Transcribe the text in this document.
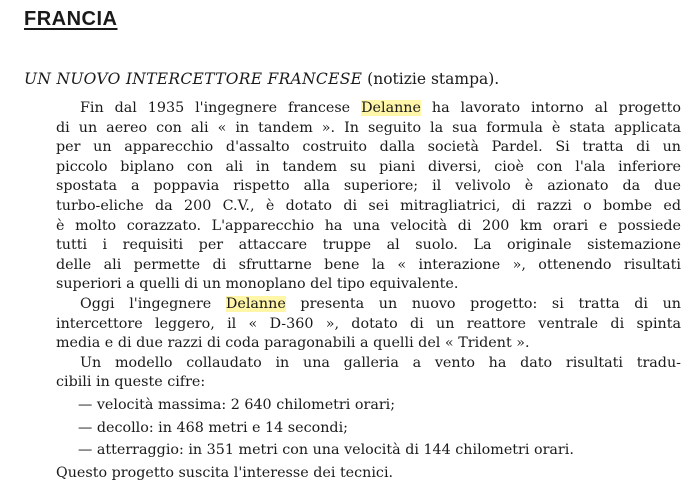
FRANCIA
UN NUOVO INTERCETTORE FRANCESE (notizie stampa).
Fin dal 1935 l'ingegnere francese Delanne ha lavorato intorno al progetto
di un aereo con ali « in tandem ». In seguito la sua formula è stata applicata
per un apparecchio d'assalto costruito dalla società Pardel. Si tratta di un
piccolo biplano con ali in tandem su piani diversi, cioè con l'ala inferiore
spostata a poppavia rispetto alla superiore; il velivolo è azionato da due
turbo-eliche da 200 C.V., è dotato di sei mitragliatrici, di razzi o bombe ed
è molto corazzato. L'apparecchio ha una velocità di 200 km orari e possiede
tutti i requisiti per attaccare truppe al suolo. La originale sistemazione
delle ali permette di sfruttarne bene la « interazione », ottenendo risultati
superiori a quelli di un monoplano del tipo equivalente.
Oggi l'ingegnere Delanne presenta un nuovo progetto: si tratta di un
intercettore leggero, il « D-360 », dotato di un reattore ventrale di spinta
media e di due razzi di coda paragonabili a quelli del « Trident ».
Un modello collaudato in una galleria a vento ha dato risultati tradu-
cibili in queste cifre:
— velocità massima: 2 640 chilometri orari;
— decollo: in 468 metri e 14 secondi;
— atterraggio: in 351 metri con una velocità di 144 chilometri orari.
Questo progetto suscita l'interesse dei tecnici.
